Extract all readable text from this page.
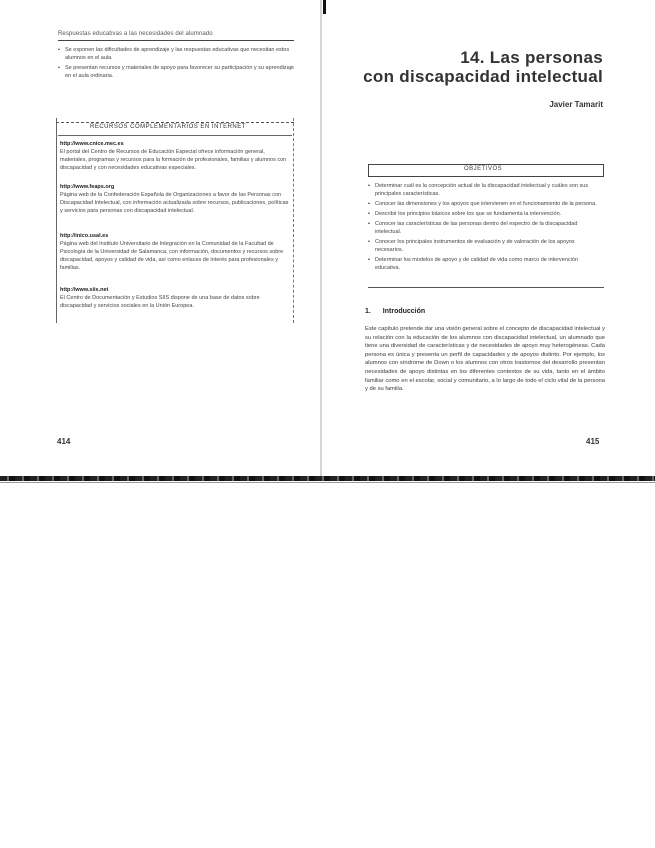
Respuestas educativas a las necesidades del alumnado
• Se exponen las dificultades de aprendizaje y las respuestas educativas que necesitan estos alumnos en el aula.
• Se presentan recursos y materiales de apoyo para favorecer su participación y su aprendizaje en el aula ordinaria.
RECURSOS COMPLEMENTARIOS EN INTERNET
http://www.cnice.mec.es
El portal del Centro de Recursos de Educación Especial ofrece información general, materiales, programas y recursos para la formación de profesionales, familias y alumnos con discapacidad y con necesidades educativas especiales.
http://www.feaps.org
Página web de la Confederación Española de Organizaciones a favor de las Personas con Discapacidad Intelectual, con información actualizada sobre recursos, publicaciones, políticas y servicios para personas con discapacidad intelectual.
http://inico.usal.es
Página web del Instituto Universitario de Integración en la Comunidad de la Facultad de Psicología de la Universidad de Salamanca, con información, documentos y recursos sobre discapacidad, apoyos y calidad de vida, así como enlaces de interés para profesionales y familias.
http://www.siis.net
El Centro de Documentación y Estudios SIIS dispone de una base de datos sobre discapacidad y servicios sociales en la Unión Europea.
414
14. Las personas
con discapacidad intelectual
Javier Tamarit
OBJETIVOS
• Determinar cuál es la concepción actual de la discapacidad intelectual y cuáles son sus principales características.
• Conocer las dimensiones y los apoyos que intervienen en el funcionamiento de la persona.
• Describir los principios básicos sobre los que se fundamenta la intervención.
• Conocer las características de las personas dentro del espectro de la discapacidad intelectual.
• Conocer los principales instrumentos de evaluación y de valoración de los apoyos necesarios.
• Determinar los modelos de apoyo y de calidad de vida como marco de intervención educativa.
1. Introducción
Este capítulo pretende dar una visión general sobre el concepto de discapacidad intelectual y su relación con la educación de los alumnos con discapacidad intelectual, un alumnado que tiene una diversidad de características y de necesidades de apoyo muy heterogéneas. Cada persona es única y presenta un perfil de capacidades y de apoyos distinto. Por ejemplo, los alumnos con síndrome de Down o los alumnos con otros trastornos del desarrollo presentan necesidades de apoyo distintas en los diferentes contextos de su vida, tanto en el ámbito familiar como en el escolar, social y comunitario, a lo largo de todo el ciclo vital de la persona y de su familia.
415
